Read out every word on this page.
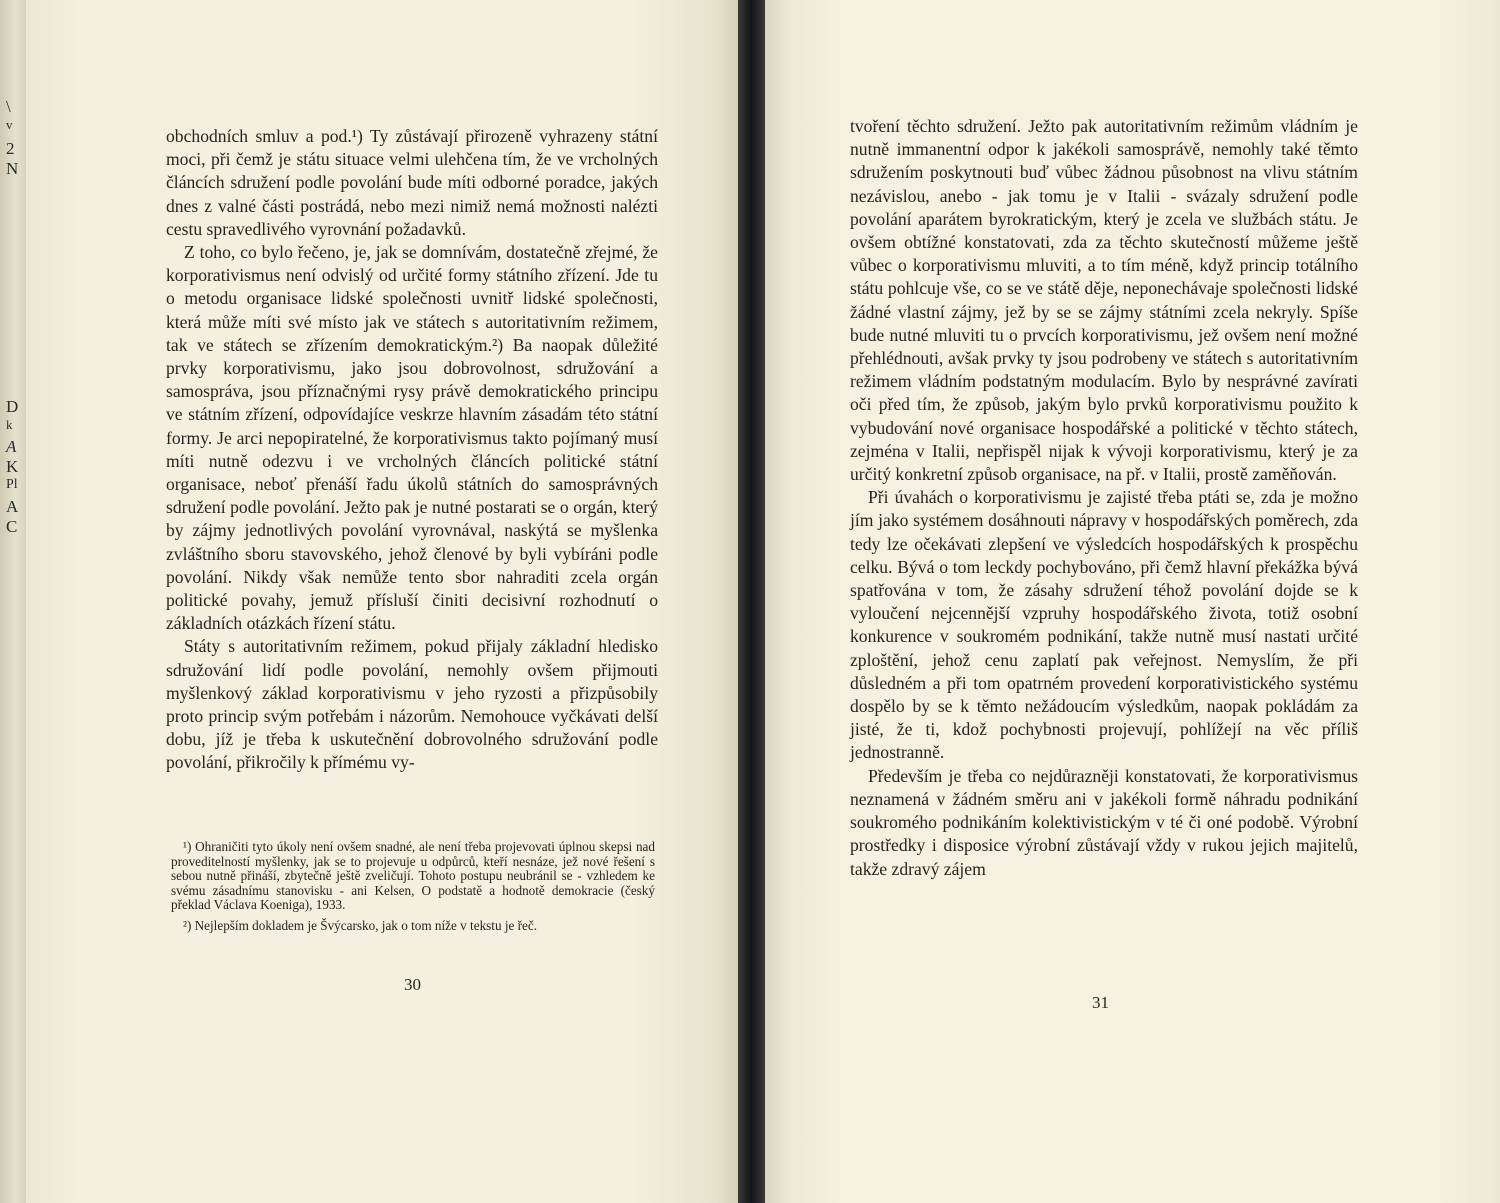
\
v
2
N
D
k
A
K
Pl
A
C

obchodních smluv a pod.¹) Ty zůstávají přirozeně vyhrazeny státní moci, při čemž je státu situace velmi ulehčena tím, že ve vrcholných článcích sdružení podle povolání bude míti odborné poradce, jakých dnes z valné části postrádá, nebo mezi nimiž nemá možnosti nalézti cestu spravedlivého vyrovnání požadavků.

Z toho, co bylo řečeno, je, jak se domnívám, dostatečně zřejmé, že korporativismus není odvislý od určité formy státního zřízení. Jde tu o metodu organisace lidské společnosti uvnitř lidské společnosti, která může míti své místo jak ve státech s autoritativním režimem, tak ve státech se zřízením demokratickým.²) Ba naopak důležité prvky korporativismu, jako jsou dobrovolnost, sdružování a samospráva, jsou příznačnými rysy právě demokratického principu ve státním zřízení, odpovídajíce veskrze hlavním zásadám této státní formy. Je arci nepopiratelné, že korporativismus takto pojímaný musí míti nutně odezvu i ve vrcholných článcích politické státní organisace, neboť přenáší řadu úkolů státních do samosprávných sdružení podle povolání. Ježto pak je nutné postarati se o orgán, který by zájmy jednotlivých povolání vyrovnával, naskýtá se myšlenka zvláštního sboru stavovského, jehož členové by byli vybíráni podle povolání. Nikdy však nemůže tento sbor nahraditi zcela orgán politické povahy, jemuž přísluší činiti decisivní rozhodnutí o základních otázkách řízení státu.

Státy s autoritativním režimem, pokud přijaly základní hledisko sdružování lidí podle povolání, nemohly ovšem přijmouti myšlenkový základ korporativismu v jeho ryzosti a přizpůsobily proto princip svým potřebám i názorům. Nemohouce vyčkávati delší dobu, jíž je třeba k uskutečnění dobrovolného sdružování podle povolání, přikročily k přímému vy-

¹) Ohraničiti tyto úkoly není ovšem snadné, ale není třeba projevovati úplnou skepsi nad proveditelností myšlenky, jak se to projevuje u odpůrců, kteří nesnáze, jež nové řešení s sebou nutně přináší, zbytečně ještě zveličují. Tohoto postupu neubránil se - vzhledem ke svému zásadnímu stanovisku - ani Kelsen, O podstatě a hodnotě demokracie (český překlad Václava Koeniga), 1933.

²) Nejlepším dokladem je Švýcarsko, jak o tom níže v tekstu je řeč.

30

tvoření těchto sdružení. Ježto pak autoritativním režimům vládním je nutně immanentní odpor k jakékoli samosprávě, nemohly také těmto sdružením poskytnouti buď vůbec žádnou působnost na vlivu státním nezávislou, anebo - jak tomu je v Italii - svázaly sdružení podle povolání aparátem byrokratickým, který je zcela ve službách státu. Je ovšem obtížné konstatovati, zda za těchto skutečností můžeme ještě vůbec o korporativismu mluviti, a to tím méně, když princip totálního státu pohlcuje vše, co se ve státě děje, neponechávaje společnosti lidské žádné vlastní zájmy, jež by se se zájmy státními zcela nekryly. Spíše bude nutné mluviti tu o prvcích korporativismu, jež ovšem není možné přehlédnouti, avšak prvky ty jsou podrobeny ve státech s autoritativním režimem vládním podstatným modulacím. Bylo by nesprávné zavírati oči před tím, že způsob, jakým bylo prvků korporativismu použito k vybudování nové organisace hospodářské a politické v těchto státech, zejména v Italii, nepřispěl nijak k vývoji korporativismu, který je za určitý konkretní způsob organisace, na př. v Italii, prostě zaměňován.

Při úvahách o korporativismu je zajisté třeba ptáti se, zda je možno jím jako systémem dosáhnouti nápravy v hospodářských poměrech, zda tedy lze očekávati zlepšení ve výsledcích hospodářských k prospěchu celku. Bývá o tom leckdy pochybováno, při čemž hlavní překážka bývá spatřována v tom, že zásahy sdružení téhož povolání dojde se k vyloučení nejcennější vzpruhy hospodářského života, totiž osobní konkurence v soukromém podnikání, takže nutně musí nastati určité zploštění, jehož cenu zaplatí pak veřejnost. Nemyslím, že při důsledném a při tom opatrném provedení korporativistického systému dospělo by se k těmto nežádoucím výsledkům, naopak pokládám za jisté, že ti, kdož pochybnosti projevují, pohlížejí na věc příliš jednostranně.

Především je třeba co nejdůrazněji konstatovati, že korporativismus neznamená v žádném směru ani v jakékoli formě náhradu podnikání soukromého podnikáním kolektivistickým v té či oné podobě. Výrobní prostředky i disposice výrobní zůstávají vždy v rukou jejich majitelů, takže zdravý zájem

31
